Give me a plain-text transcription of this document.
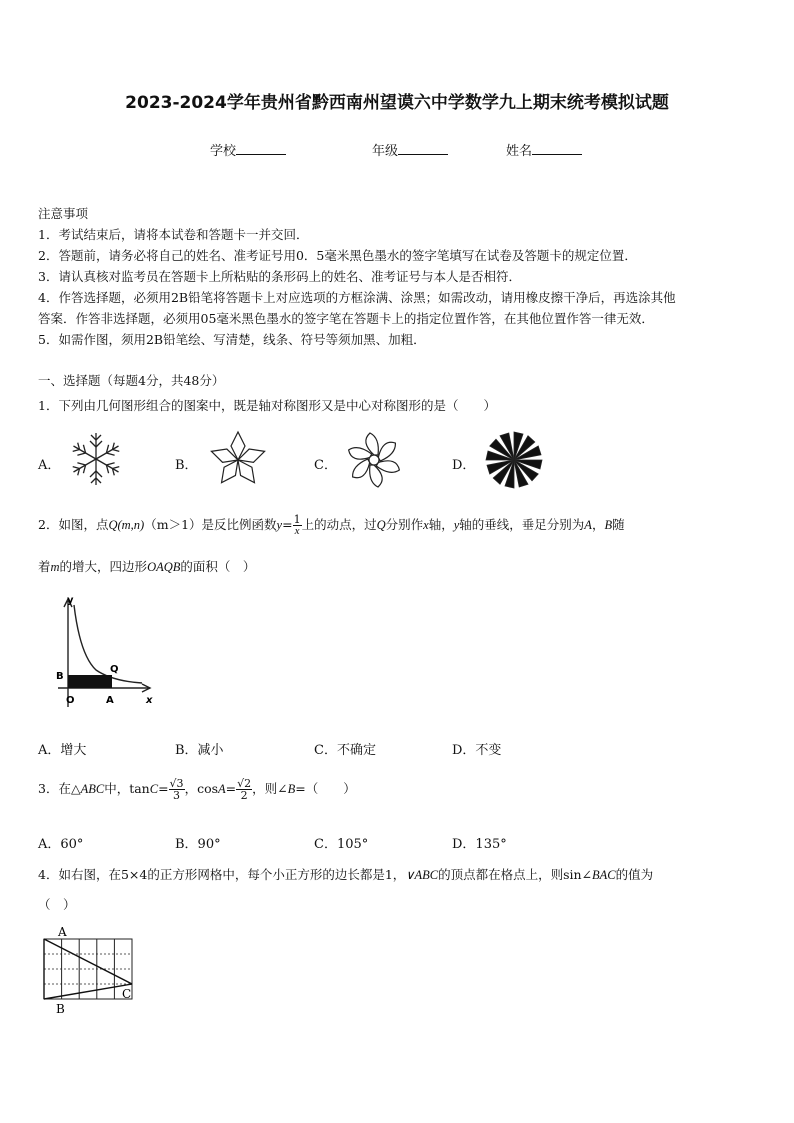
2023-2024学年贵州省黔西南州望谟六中学数学九上期末统考模拟试题
学校	年级	姓名
注意事项
1．考试结束后，请将本试卷和答题卡一并交回．
2．答题前，请务必将自己的姓名、准考证号用0．5毫米黑色墨水的签字笔填写在试卷及答题卡的规定位置．
3．请认真核对监考员在答题卡上所粘贴的条形码上的姓名、准考证号与本人是否相符．
4．作答选择题，必须用2B铅笔将答题卡上对应选项的方框涂满、涂黑；如需改动，请用橡皮擦干净后，再选涂其他
答案．作答非选择题，必须用05毫米黑色墨水的签字笔在答题卡上的指定位置作答，在其他位置作答一律无效．
5．如需作图，须用2B铅笔绘、写清楚，线条、符号等须加黑、加粗．
一、选择题（每题4分，共48分）
1．下列由几何图形组合的图案中，既是轴对称图形又是中心对称图形的是（　　）
A．	B．	C．	D．
2．如图，点Q(m,n)（m＞1）是反比例函数$y= \frac{1}{x}$ 上的动点，过Q分别作x轴，y轴的垂线，垂足分别为A，B随
着m的增大，四边形OAQB的面积（　）
y
x
O	A
B
Q
A．增大	B．减小	C．不确定	D．不变
3．在△ABC中，$\tan C= \frac{√3}{3}$ ，$\cos A= \frac{√2}{2}$ ，则∠B=（　　）
A．60°	B．90°	C．105°	D．135°
4．如右图，在5×4的正方形网格中，每个小正方形的边长都是1，∨ABC的顶点都在格点上，则sin∠BAC的值为
（　）
A
B
C
